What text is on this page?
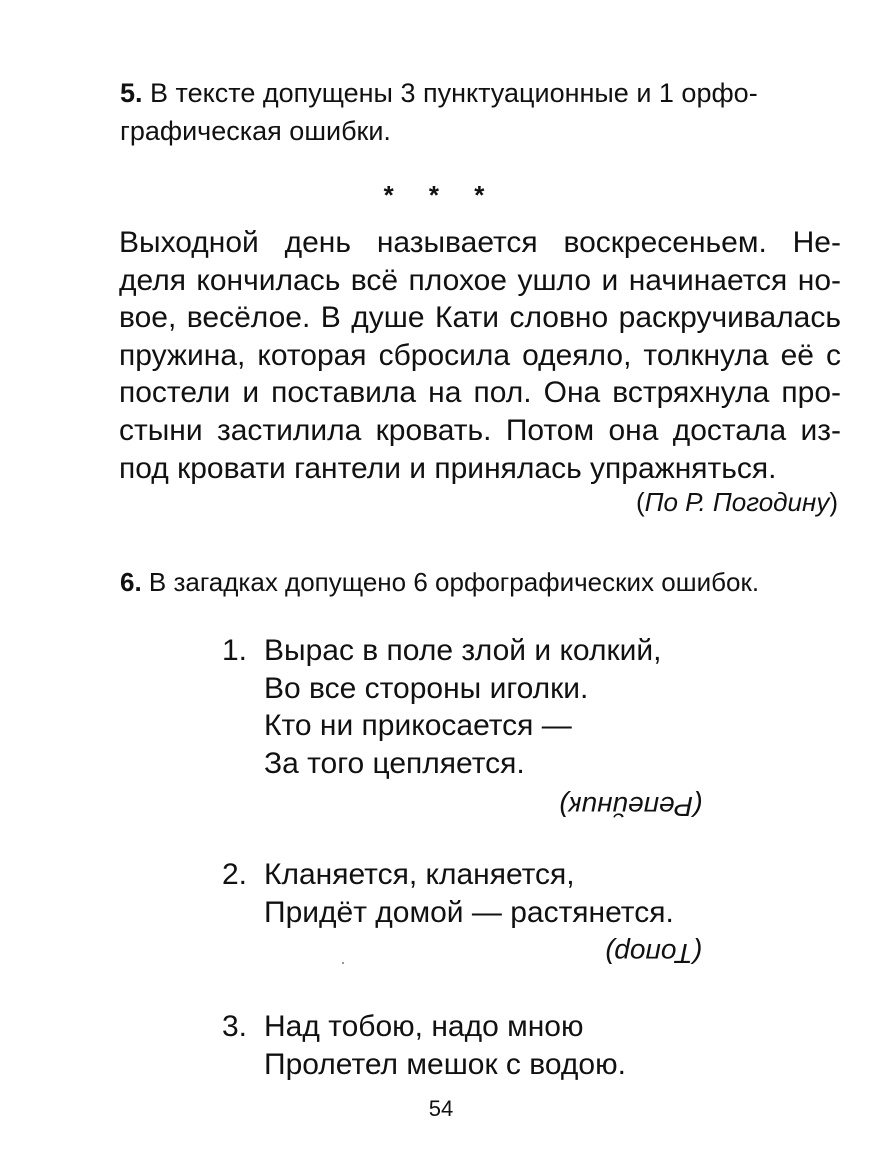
5. В тексте допущены 3 пунктуационные и 1 орфо-
графическая ошибки.
* * *
Выходной день называется воскресеньем. Не-
деля кончилась всё плохое ушло и начинается но-
вое, весёлое. В душе Кати словно раскручивалась
пружина, которая сбросила одеяло, толкнула её с
постели и поставила на пол. Она встряхнула про-
стыни застилила кровать. Потом она достала из-
под кровати гантели и принялась упражняться.
(По Р. Погодину)
6. В загадках допущено 6 орфографических ошибок.
1. Вырас в поле злой и колкий,
Во все стороны иголки.
Кто ни прикосается —
За того цепляется.
(Репейник)
2. Кланяется, кланяется,
Придёт домой — растянется.
(Топор)
3. Над тобою, надо мною
Пролетел мешок с водою.
54
